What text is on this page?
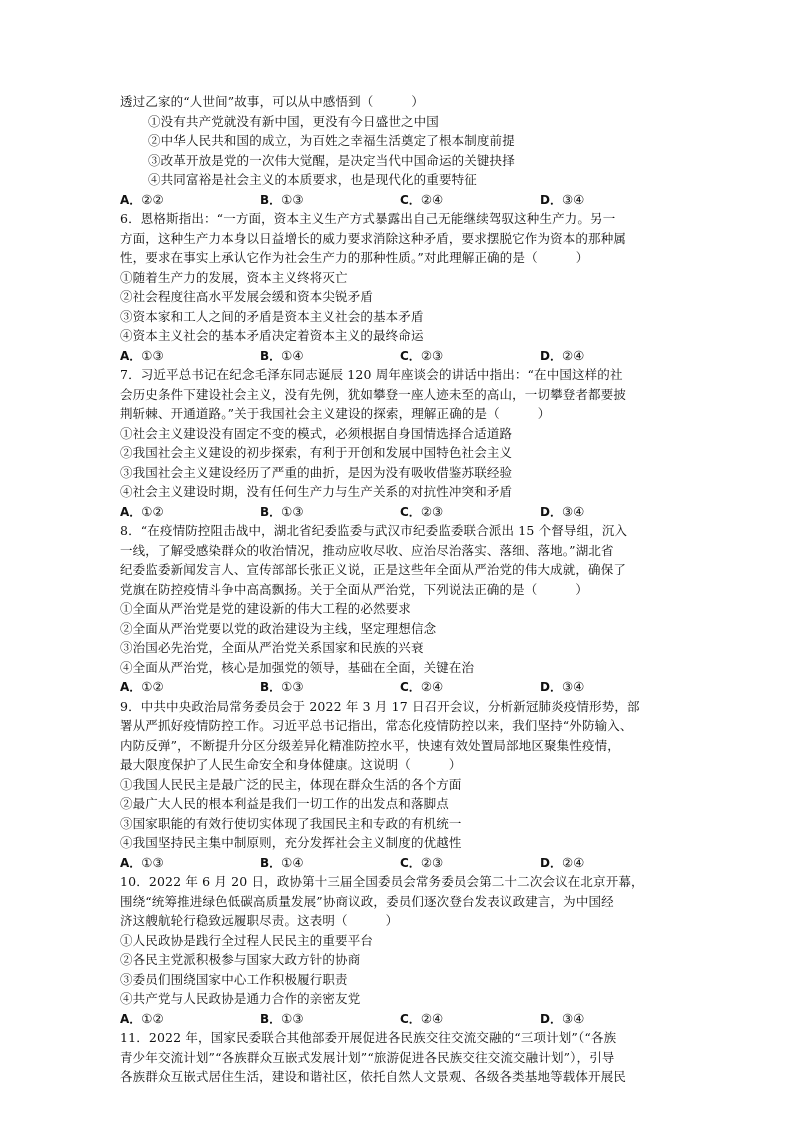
透过乙家的“人世间”故事，可以从中感悟到（　　　）
①没有共产党就没有新中国，更没有今日盛世之中国
②中华人民共和国的成立，为百姓之幸福生活奠定了根本制度前提
③改革开放是党的一次伟大觉醒，是决定当代中国命运的关键抉择
④共同富裕是社会主义的本质要求，也是现代化的重要特征
A．②②	B．①③	C．②④	D．③④
6．恩格斯指出：“一方面，资本主义生产方式暴露出自己无能继续驾驭这种生产力。另一
方面，这种生产力本身以日益增长的威力要求消除这种矛盾，要求摆脱它作为资本的那种属
性，要求在事实上承认它作为社会生产力的那种性质。”对此理解正确的是（　　　）
①随着生产力的发展，资本主义终将灭亡
②社会程度往高水平发展会缓和资本尖锐矛盾
③资本家和工人之间的矛盾是资本主义社会的基本矛盾
④资本主义社会的基本矛盾决定着资本主义的最终命运
A．①③	B．①④	C．②③	D．②④
7．习近平总书记在纪念毛泽东同志诞辰 120 周年座谈会的讲话中指出：“在中国这样的社
会历史条件下建设社会主义，没有先例，犹如攀登一座人迹未至的高山，一切攀登者都要披
荆斩棘、开通道路。”关于我国社会主义建设的探索，理解正确的是（　　　）
①社会主义建设没有固定不变的模式，必须根据自身国情选择合适道路
②我国社会主义建设的初步探索，有利于开创和发展中国特色社会主义
③我国社会主义建设经历了严重的曲折，是因为没有吸收借鉴苏联经验
④社会主义建设时期，没有任何生产力与生产关系的对抗性冲突和矛盾
A．①②	B．①③	C．②③	D．③④
8．“在疫情防控阻击战中，湖北省纪委监委与武汉市纪委监委联合派出 15 个督导组，沉入
一线，了解受感染群众的收治情况，推动应收尽收、应治尽治落实、落细、落地。”湖北省
纪委监委新闻发言人、宣传部部长张正义说，正是这些年全面从严治党的伟大成就，确保了
党旗在防控疫情斗争中高高飘扬。关于全面从严治党，下列说法正确的是（　　　）
①全面从严治党是党的建设新的伟大工程的必然要求
②全面从严治党要以党的政治建设为主线，坚定理想信念
③治国必先治党，全面从严治党关系国家和民族的兴衰
④全面从严治党，核心是加强党的领导，基础在全面，关键在治
A．①②	B．①③	C．②④	D．③④
9．中共中央政治局常务委员会于 2022 年 3 月 17 日召开会议，分析新冠肺炎疫情形势，部
署从严抓好疫情防控工作。习近平总书记指出，常态化疫情防控以来，我们坚持“外防输入、
内防反弹”，不断提升分区分级差异化精准防控水平，快速有效处置局部地区聚集性疫情，
最大限度保护了人民生命安全和身体健康。这说明（　　　）
①我国人民民主是最广泛的民主，体现在群众生活的各个方面
②最广大人民的根本利益是我们一切工作的出发点和落脚点
③国家职能的有效行使切实体现了我国民主和专政的有机统一
④我国坚持民主集中制原则，充分发挥社会主义制度的优越性
A．①③	B．①④	C．②③	D．②④
10．2022 年 6 月 20 日，政协第十三届全国委员会常务委员会第二十二次会议在北京开幕，
围绕“统筹推进绿色低碳高质量发展”协商议政，委员们逐次登台发表议政建言，为中国经
济这艘航轮行稳致远履职尽责。这表明（　　　）
①人民政协是践行全过程人民民主的重要平台
②各民主党派积极参与国家大政方针的协商
③委员们围绕国家中心工作积极履行职责
④共产党与人民政协是通力合作的亲密友党
A．①②	B．①③	C．②④	D．③④
11．2022 年，国家民委联合其他部委开展促进各民族交往交流交融的“三项计划”（“各族
青少年交流计划”“各族群众互嵌式发展计划”“旅游促进各民族交往交流交融计划”），引导
各族群众互嵌式居住生活，建设和谐社区，依托自然人文景观、各级各类基地等载体开展民
